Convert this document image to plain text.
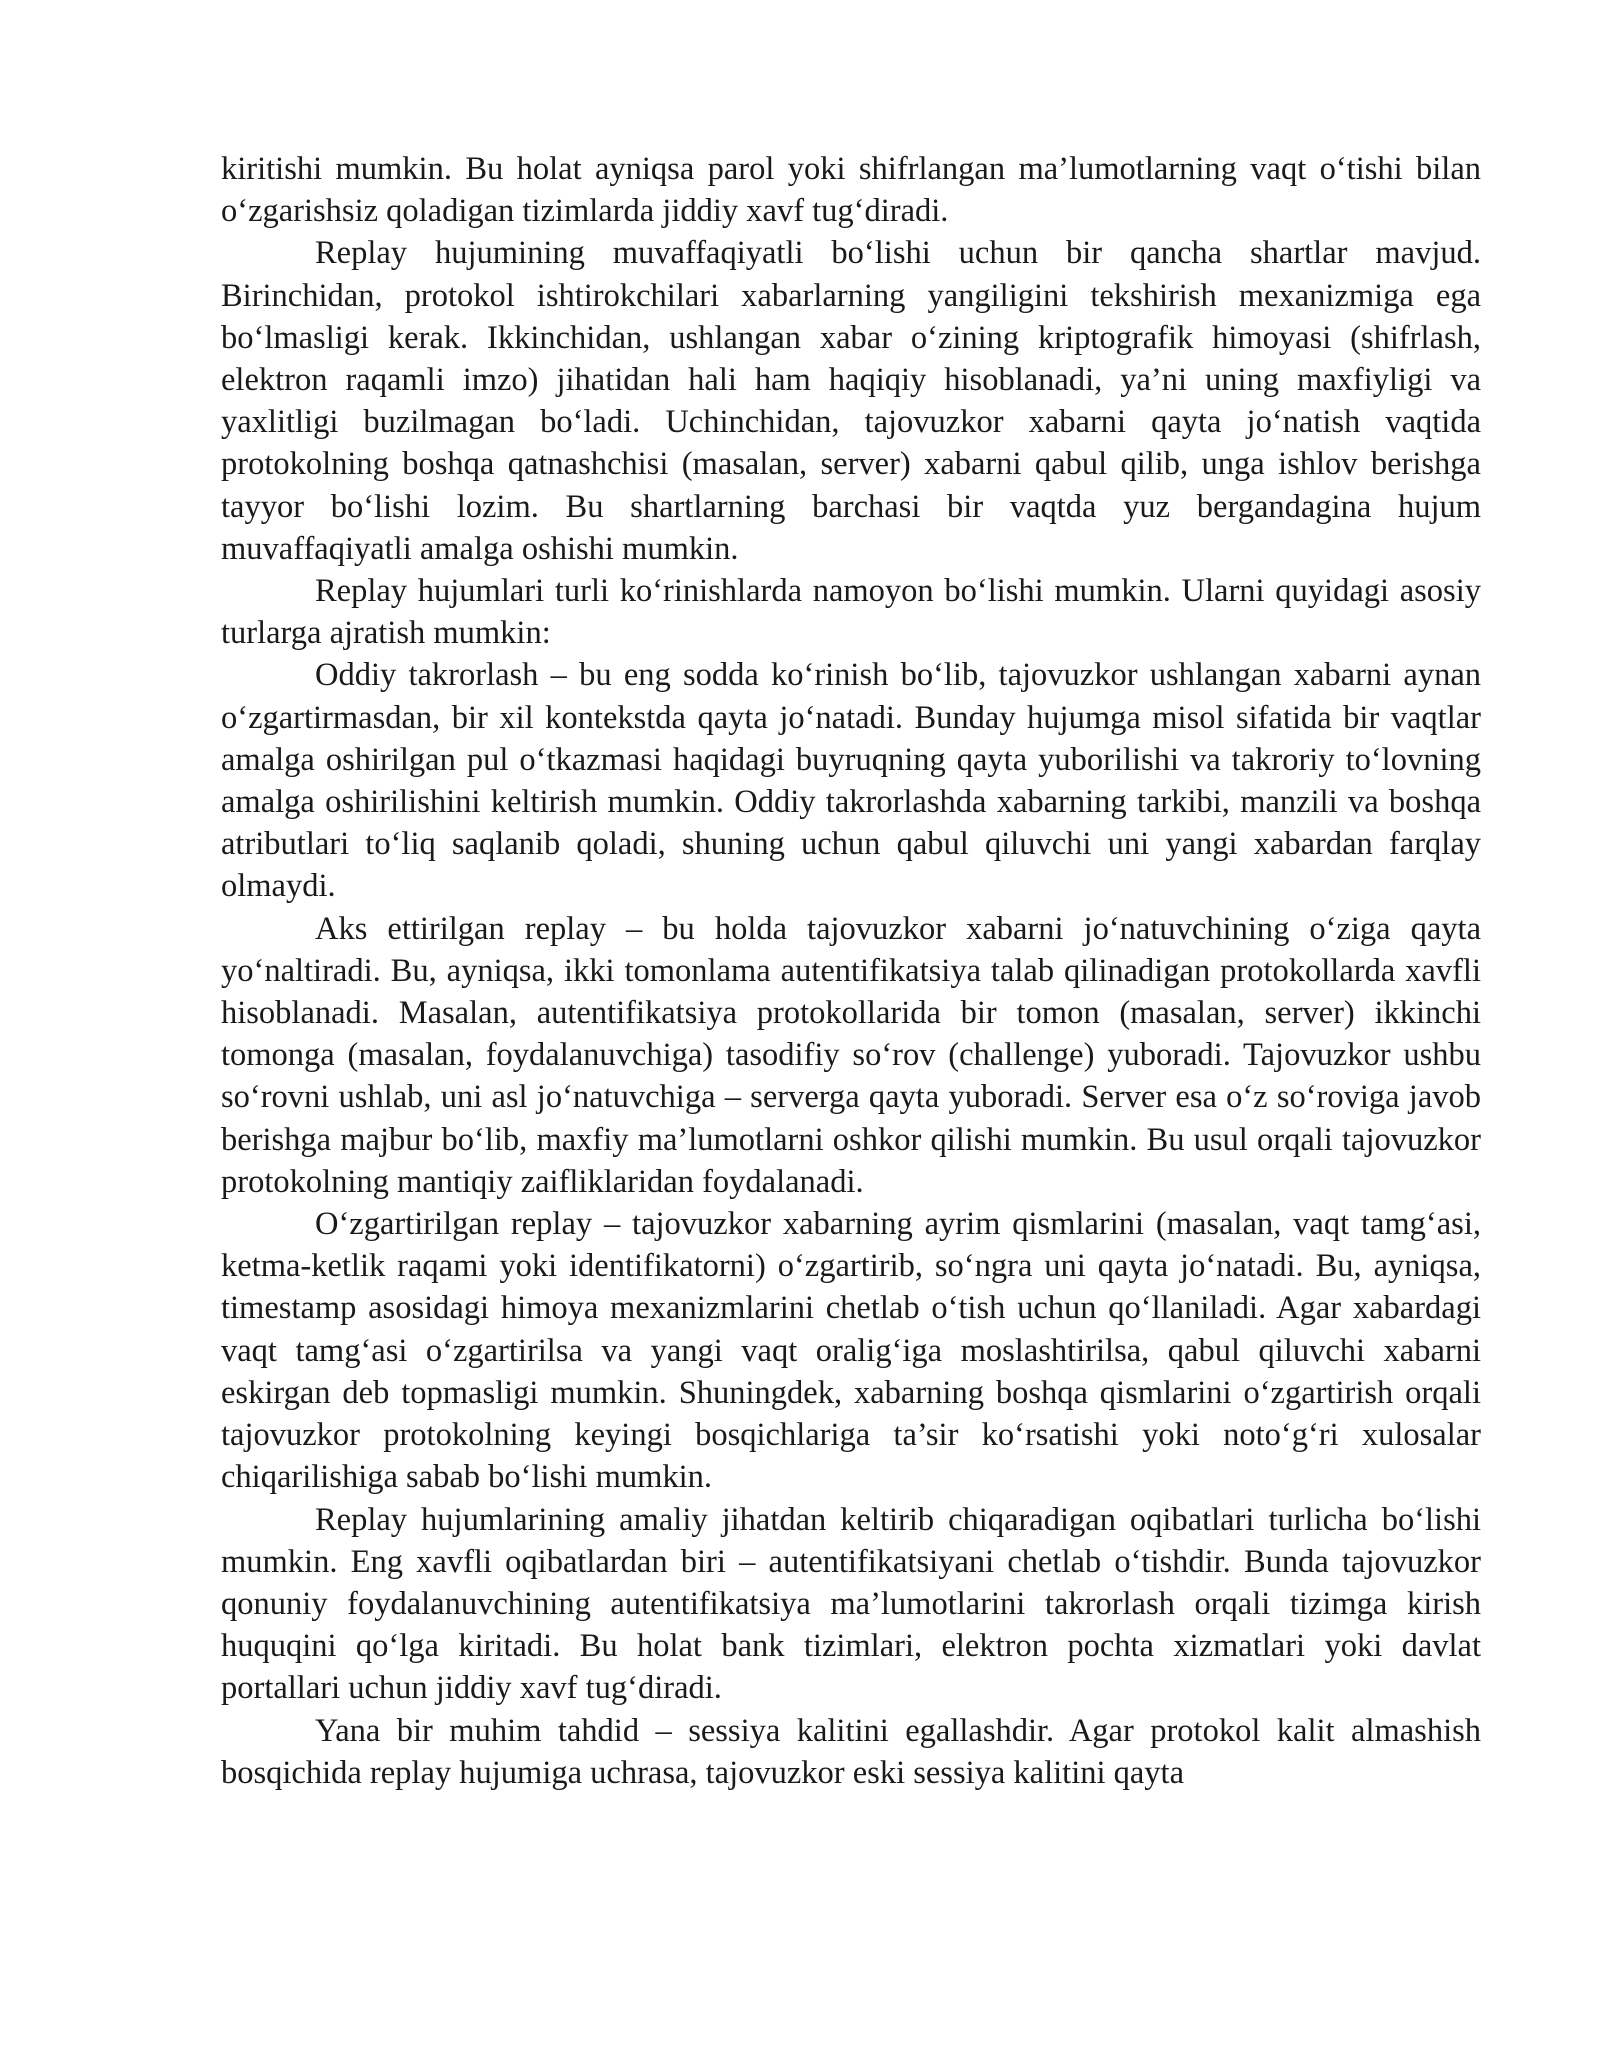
kiritishi mumkin. Bu holat ayniqsa parol yoki shifrlangan ma’lumotlarning vaqt o‘tishi bilan o‘zgarishsiz qoladigan tizimlarda jiddiy xavf tug‘diradi.

Replay hujumining muvaffaqiyatli bo‘lishi uchun bir qancha shartlar mavjud. Birinchidan, protokol ishtirokchilari xabarlarning yangiligini tekshirish mexanizmiga ega bo‘lmasligi kerak. Ikkinchidan, ushlangan xabar o‘zining kriptografik himoyasi (shifrlash, elektron raqamli imzo) jihatidan hali ham haqiqiy hisoblanadi, ya’ni uning maxfiyligi va yaxlitligi buzilmagan bo‘ladi. Uchinchidan, tajovuzkor xabarni qayta jo‘natish vaqtida protokolning boshqa qatnashchisi (masalan, server) xabarni qabul qilib, unga ishlov berishga tayyor bo‘lishi lozim. Bu shartlarning barchasi bir vaqtda yuz bergandagina hujum muvaffaqiyatli amalga oshishi mumkin.

Replay hujumlari turli ko‘rinishlarda namoyon bo‘lishi mumkin. Ularni quyidagi asosiy turlarga ajratish mumkin:

Oddiy takrorlash – bu eng sodda ko‘rinish bo‘lib, tajovuzkor ushlangan xabarni aynan o‘zgartirmasdan, bir xil kontekstda qayta jo‘natadi. Bunday hujumga misol sifatida bir vaqtlar amalga oshirilgan pul o‘tkazmasi haqidagi buyruqning qayta yuborilishi va takroriy to‘lovning amalga oshirilishini keltirish mumkin. Oddiy takrorlashda xabarning tarkibi, manzili va boshqa atributlari to‘liq saqlanib qoladi, shuning uchun qabul qiluvchi uni yangi xabardan farqlay olmaydi.

Aks ettirilgan replay – bu holda tajovuzkor xabarni jo‘natuvchining o‘ziga qayta yo‘naltiradi. Bu, ayniqsa, ikki tomonlama autentifikatsiya talab qilinadigan protokollarda xavfli hisoblanadi. Masalan, autentifikatsiya protokollarida bir tomon (masalan, server) ikkinchi tomonga (masalan, foydalanuvchiga) tasodifiy so‘rov (challenge) yuboradi. Tajovuzkor ushbu so‘rovni ushlab, uni asl jo‘natuvchiga – serverga qayta yuboradi. Server esa o‘z so‘roviga javob berishga majbur bo‘lib, maxfiy ma’lumotlarni oshkor qilishi mumkin. Bu usul orqali tajovuzkor protokolning mantiqiy zaifliklaridan foydalanadi.

O‘zgartirilgan replay – tajovuzkor xabarning ayrim qismlarini (masalan, vaqt tamg‘asi, ketma-ketlik raqami yoki identifikatorni) o‘zgartirib, so‘ngra uni qayta jo‘natadi. Bu, ayniqsa, timestamp asosidagi himoya mexanizmlarini chetlab o‘tish uchun qo‘llaniladi. Agar xabardagi vaqt tamg‘asi o‘zgartirilsa va yangi vaqt oralig‘iga moslashtirilsa, qabul qiluvchi xabarni eskirgan deb topmasligi mumkin. Shuningdek, xabarning boshqa qismlarini o‘zgartirish orqali tajovuzkor protokolning keyingi bosqichlariga ta’sir ko‘rsatishi yoki noto‘g‘ri xulosalar chiqarilishiga sabab bo‘lishi mumkin.

Replay hujumlarining amaliy jihatdan keltirib chiqaradigan oqibatlari turlicha bo‘lishi mumkin. Eng xavfli oqibatlardan biri – autentifikatsiyani chetlab o‘tishdir. Bunda tajovuzkor qonuniy foydalanuvchining autentifikatsiya ma’lumotlarini takrorlash orqali tizimga kirish huquqini qo‘lga kiritadi. Bu holat bank tizimlari, elektron pochta xizmatlari yoki davlat portallari uchun jiddiy xavf tug‘diradi.

Yana bir muhim tahdid – sessiya kalitini egallashdir. Agar protokol kalit almashish bosqichida replay hujumiga uchrasa, tajovuzkor eski sessiya kalitini qayta
